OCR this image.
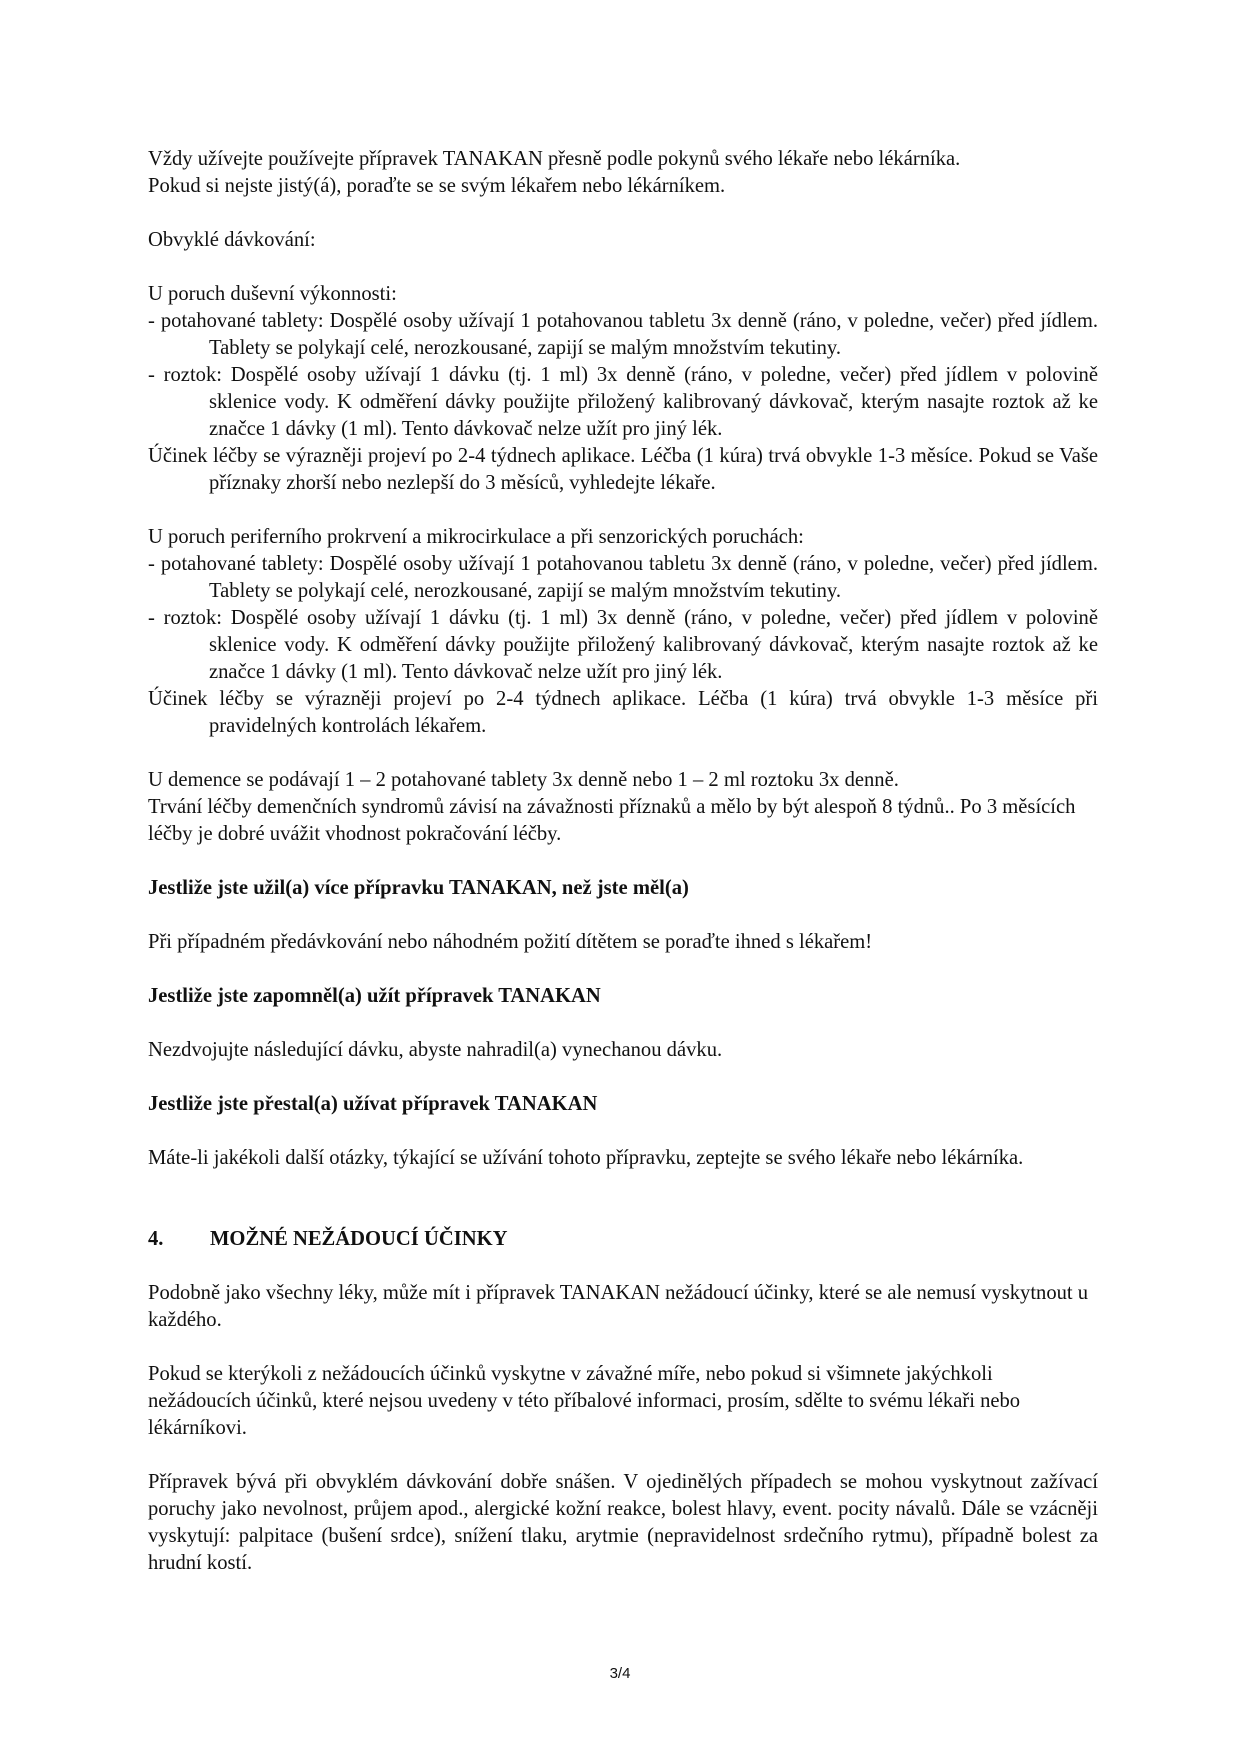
Vždy užívejte používejte přípravek TANAKAN přesně podle pokynů svého lékaře nebo lékárníka.

Pokud si nejste jistý(á), poraďte se se svým lékařem nebo lékárníkem.

Obvyklé dávkování:

U poruch duševní výkonnosti:

- potahované tablety: Dospělé osoby užívají 1 potahovanou tabletu 3x denně (ráno, v poledne, večer) před jídlem. Tablety se polykají celé, nerozkousané, zapijí se malým množstvím tekutiny.

- roztok: Dospělé osoby užívají 1 dávku (tj. 1 ml) 3x denně (ráno, v poledne, večer) před jídlem v polovině sklenice vody. K odměření dávky použijte přiložený kalibrovaný dávkovač, kterým nasajte roztok až ke značce 1 dávky (1 ml). Tento dávkovač nelze užít pro jiný lék.

Účinek léčby se výrazněji projeví po 2-4 týdnech aplikace. Léčba (1 kúra) trvá obvykle 1-3 měsíce. Pokud se Vaše příznaky zhorší nebo nezlepší do 3 měsíců, vyhledejte lékaře.

U poruch periferního prokrvení a mikrocirkulace a při senzorických poruchách:

- potahované tablety: Dospělé osoby užívají 1 potahovanou tabletu 3x denně (ráno, v poledne, večer) před jídlem. Tablety se polykají celé, nerozkousané, zapijí se malým množstvím tekutiny.

- roztok: Dospělé osoby užívají 1 dávku (tj. 1 ml) 3x denně (ráno, v poledne, večer) před jídlem v polovině sklenice vody. K odměření dávky použijte přiložený kalibrovaný dávkovač, kterým nasajte roztok až ke značce 1 dávky (1 ml). Tento dávkovač nelze užít pro jiný lék.

Účinek léčby se výrazněji projeví po 2-4 týdnech aplikace. Léčba (1 kúra) trvá obvykle 1-3 měsíce při pravidelných kontrolách lékařem.

U demence se podávají 1 – 2 potahované tablety 3x denně nebo 1 – 2 ml roztoku 3x denně.

Trvání léčby demenčních syndromů závisí na závažnosti příznaků a mělo by být alespoň 8 týdnů.. Po 3 měsících léčby je dobré uvážit vhodnost pokračování léčby.

Jestliže jste užil(a) více přípravku TANAKAN, než jste měl(a)

Při případném předávkování nebo náhodném požití dítětem se poraďte ihned s lékařem!

Jestliže jste zapomněl(a) užít přípravek TANAKAN

Nezdvojujte následující dávku, abyste nahradil(a) vynechanou dávku.

Jestliže jste přestal(a) užívat přípravek TANAKAN

Máte-li jakékoli další otázky, týkající se užívání tohoto přípravku, zeptejte se svého lékaře nebo lékárníka.

4.	MOŽNÉ NEŽÁDOUCÍ ÚČINKY

Podobně jako všechny léky, může mít i přípravek TANAKAN nežádoucí účinky, které se ale nemusí vyskytnout u každého.

Pokud se kterýkoli z nežádoucích účinků vyskytne v závažné míře, nebo pokud si všimnete jakýchkoli nežádoucích účinků, které nejsou uvedeny v této příbalové informaci, prosím, sdělte to svému lékaři nebo lékárníkovi.

Přípravek bývá při obvyklém dávkování dobře snášen. V ojedinělých případech se mohou vyskytnout zažívací poruchy jako nevolnost, průjem apod., alergické kožní reakce, bolest hlavy, event. pocity návalů. Dále se vzácněji vyskytují: palpitace (bušení srdce), snížení tlaku, arytmie (nepravidelnost srdečního rytmu), případně bolest za hrudní kostí.

3/4
